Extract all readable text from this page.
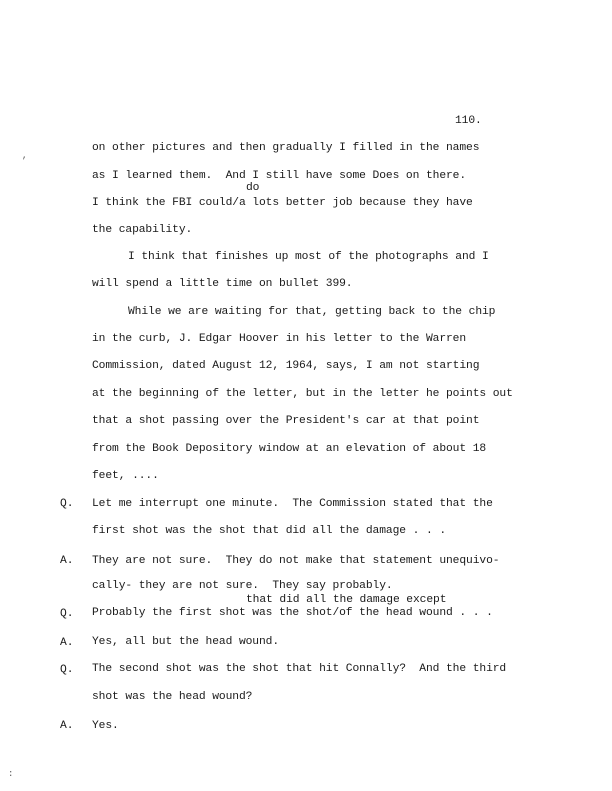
110.
,
on other pictures and then gradually I filled in the names
as I learned them.  And I still have some Does on there.
do
I think the FBI could/a lots better job because they have
the capability.
I think that finishes up most of the photographs and I
will spend a little time on bullet 399.
While we are waiting for that, getting back to the chip
in the curb, J. Edgar Hoover in his letter to the Warren
Commission, dated August 12, 1964, says, I am not starting
at the beginning of the letter, but in the letter he points out
that a shot passing over the President's car at that point
from the Book Depository window at an elevation of about 18
feet, ....
Q. Let me interrupt one minute.  The Commission stated that the
first shot was the shot that did all the damage . . .
A. They are not sure.  They do not make that statement unequivo-
cally- they are not sure.  They say probably.
that did all the damage except
Q. Probably the first shot was the shot/of the head wound . . .
A. Yes, all but the head wound.
Q. The second shot was the shot that hit Connally?  And the third
shot was the head wound?
A. Yes.
:
